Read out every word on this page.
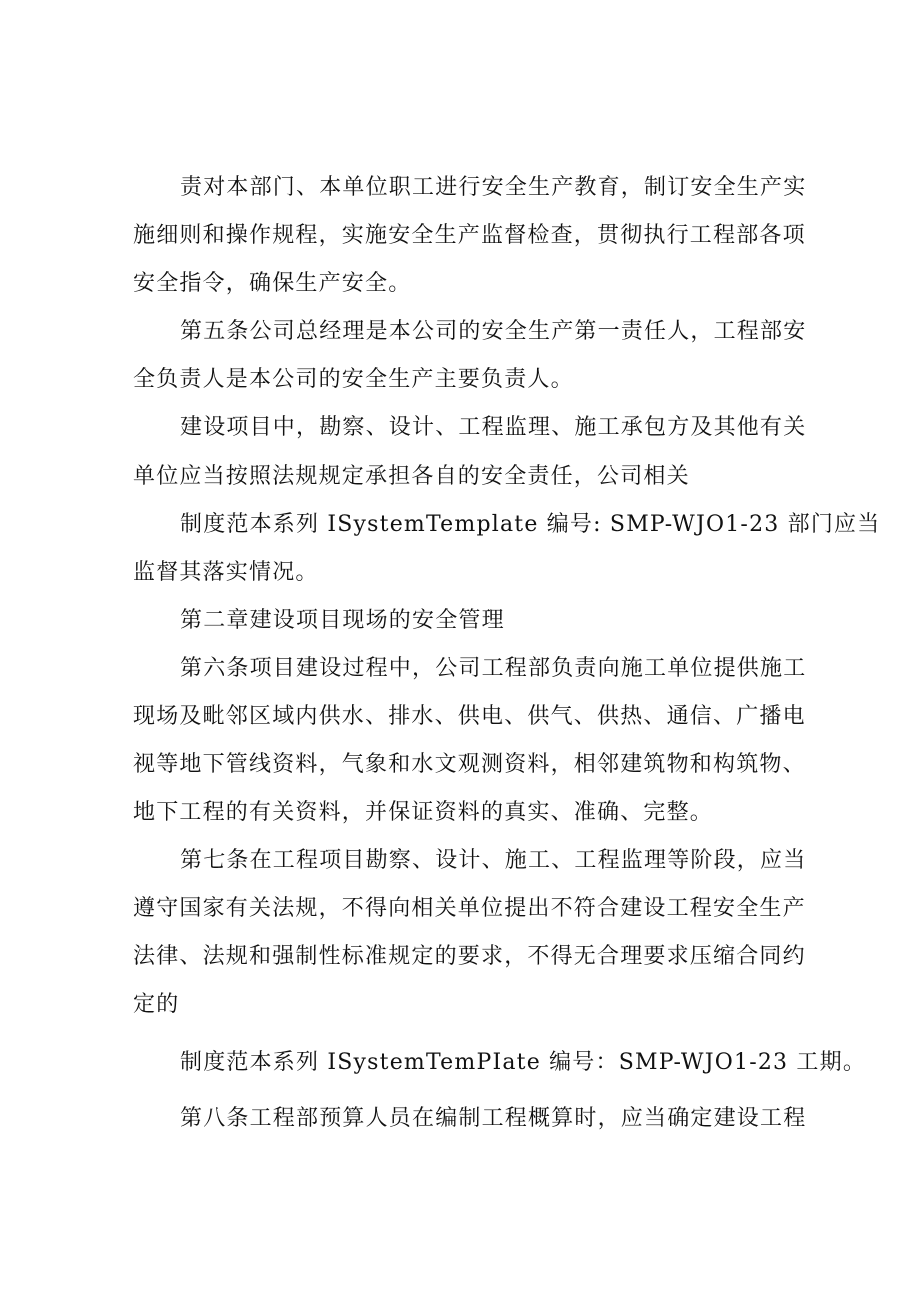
责对本部门、本单位职工进行安全生产教育，制订安全生产实
施细则和操作规程，实施安全生产监督检查，贯彻执行工程部各项
安全指令，确保生产安全。
第五条公司总经理是本公司的安全生产第一责任人，工程部安
全负责人是本公司的安全生产主要负责人。
建设项目中，勘察、设计、工程监理、施工承包方及其他有关
单位应当按照法规规定承担各自的安全责任，公司相关
制度范本系列 ISystemTemplate 编号: SMP-WJO1-23 部门应当
监督其落实情况。
第二章建设项目现场的安全管理
第六条项目建设过程中，公司工程部负责向施工单位提供施工
现场及毗邻区域内供水、排水、供电、供气、供热、通信、广播电
视等地下管线资料，气象和水文观测资料，相邻建筑物和构筑物、
地下工程的有关资料，并保证资料的真实、准确、完整。
第七条在工程项目勘察、设计、施工、工程监理等阶段，应当
遵守国家有关法规，不得向相关单位提出不符合建设工程安全生产
法律、法规和强制性标准规定的要求，不得无合理要求压缩合同约
定的
制度范本系列 ISystemTemPIate 编号：SMP-WJO1-23 工期。
第八条工程部预算人员在编制工程概算时，应当确定建设工程
